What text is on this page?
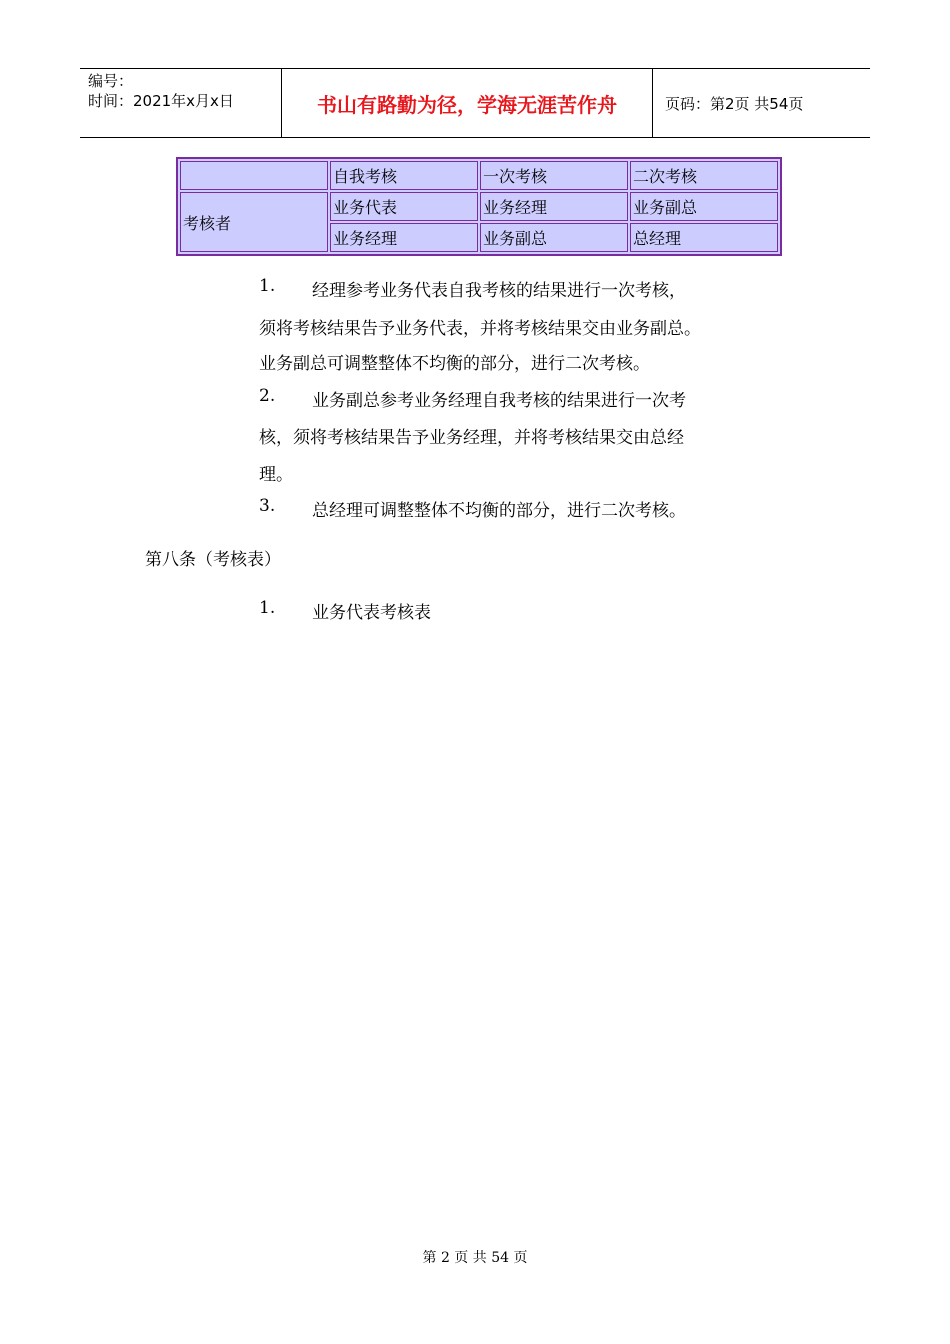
编号：
时间：2021年x月x日	书山有路勤为径，学海无涯苦作舟	页码：第2页 共54页
	自我考核	一次考核	二次考核
考核者	业务代表	业务经理	业务副总
	业务经理	业务副总	总经理
1. 经理参考业务代表自我考核的结果进行一次考核，
须将考核结果告予业务代表，并将考核结果交由业务副总。
业务副总可调整整体不均衡的部分，进行二次考核。
2. 业务副总参考业务经理自我考核的结果进行一次考
核，须将考核结果告予业务经理，并将考核结果交由总经
理。
3. 总经理可调整整体不均衡的部分，进行二次考核。
第八条（考核表）
1. 业务代表考核表
第 2 页 共 54 页
